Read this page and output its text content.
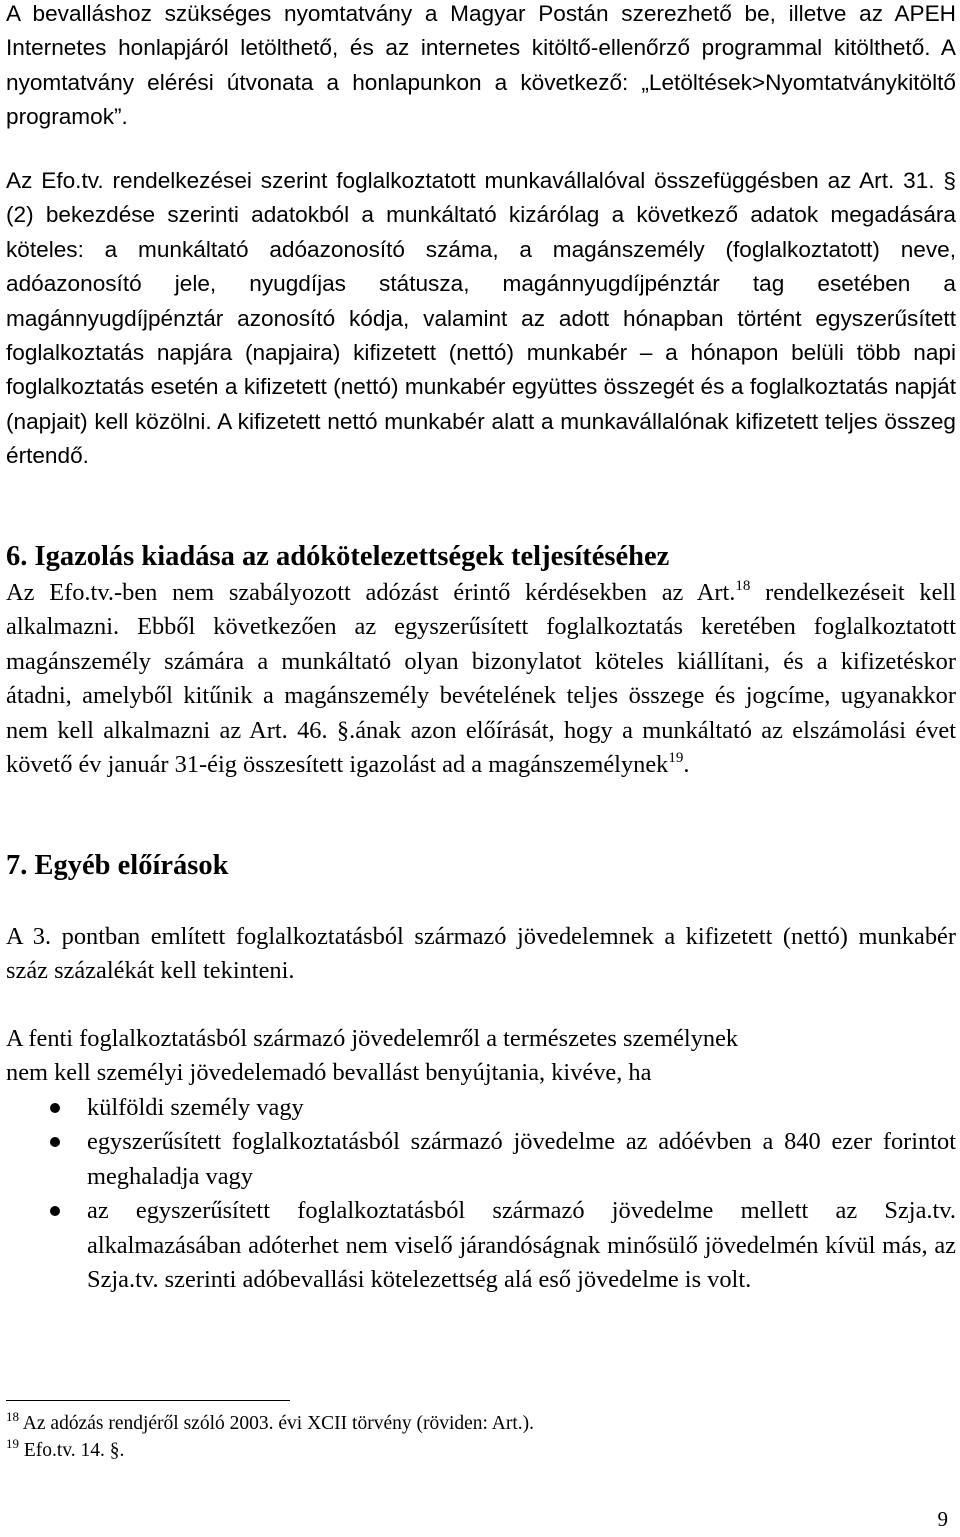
A bevalláshoz szükséges nyomtatvány a Magyar Postán szerezhető be, illetve az APEH Internetes honlapjáról letölthető, és az internetes kitöltő-ellenőrző programmal kitölthető. A nyomtatvány elérési útvonata a honlapunkon a következő: „Letöltések>Nyomtatványkitöltő programok”.

Az Efo.tv. rendelkezései szerint foglalkoztatott munkavállalóval összefüggésben az Art. 31. § (2) bekezdése szerinti adatokból a munkáltató kizárólag a következő adatok megadására köteles: a munkáltató adóazonosító száma, a magánszemély (foglalkoztatott) neve, adóazonosító jele, nyugdíjas státusza, magánnyugdíjpénztár tag esetében a magánnyugdíjpénztár azonosító kódja, valamint az adott hónapban történt egyszerűsített foglalkoztatás napjára (napjaira) kifizetett (nettó) munkabér – a hónapon belüli több napi foglalkoztatás esetén a kifizetett (nettó) munkabér együttes összegét és a foglalkoztatás napját (napjait) kell közölni. A kifizetett nettó munkabér alatt a munkavállalónak kifizetett teljes összeg értendő.

6. Igazolás kiadása az adókötelezettségek teljesítéséhez

Az Efo.tv.-ben nem szabályozott adózást érintő kérdésekben az Art.$^{18}$ rendelkezéseit kell alkalmazni. Ebből következően az egyszerűsített foglalkoztatás keretében foglalkoztatott magánszemély számára a munkáltató olyan bizonylatot köteles kiállítani, és a kifizetéskor átadni, amelyből kitűnik a magánszemély bevételének teljes összege és jogcíme, ugyanakkor nem kell alkalmazni az Art. 46. §.ának azon előírását, hogy a munkáltató az elszámolási évet követő év január 31-éig összesített igazolást ad a magánszemélynek$^{19}$.

7. Egyéb előírások

A 3. pontban említett foglalkoztatásból származó jövedelemnek a kifizetett (nettó) munkabér száz százalékát kell tekinteni.

A fenti foglalkoztatásból származó jövedelemről a természetes személynek nem kell személyi jövedelemadó bevallást benyújtania, kivéve, ha

külföldi személy vagy
egyszerűsített foglalkoztatásból származó jövedelme az adóévben a 840 ezer forintot meghaladja vagy
az egyszerűsített foglalkoztatásból származó jövedelme mellett az Szja.tv. alkalmazásában adóterhet nem viselő járandóságnak minősülő jövedelmén kívül más, az Szja.tv. szerinti adóbevallási kötelezettség alá eső jövedelme is volt.
$^{18}$ Az adózás rendjéről szóló 2003. évi XCII törvény (röviden: Art.).
$^{19}$ Efo.tv. 14. §.
9
